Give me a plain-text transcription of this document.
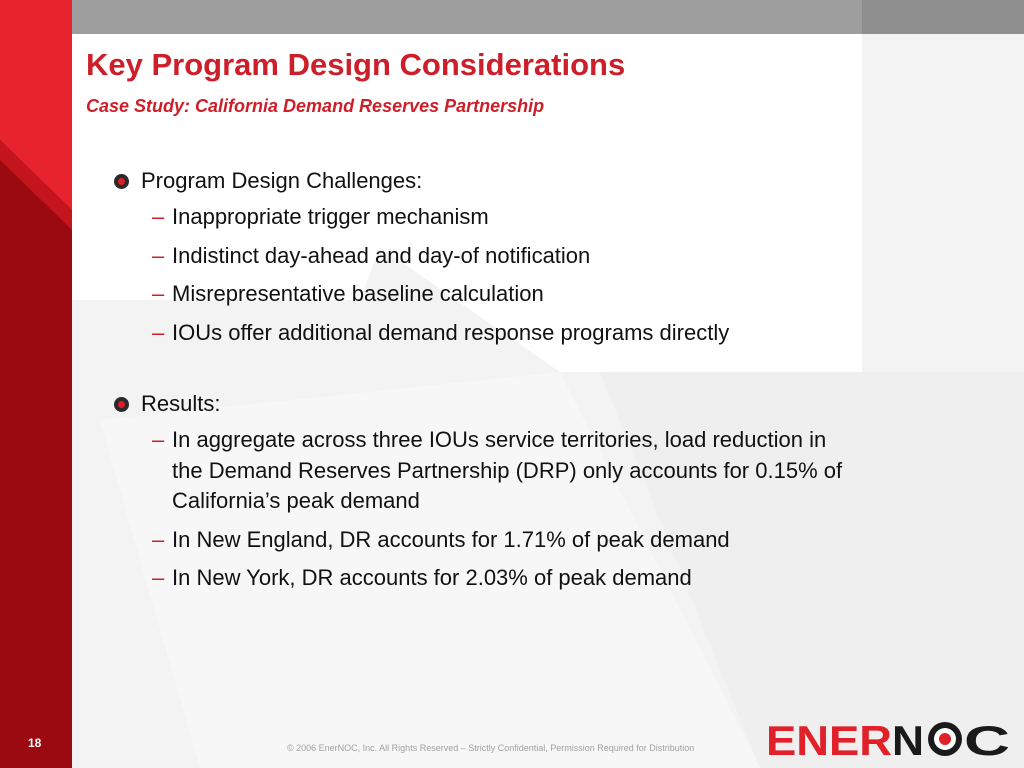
Key Program Design Considerations
Case Study: California Demand Reserves Partnership
Program Design Challenges:
– Inappropriate trigger mechanism
– Indistinct day-ahead and day-of notification
– Misrepresentative baseline calculation
– IOUs offer additional demand response programs directly
Results:
– In aggregate across three IOUs service territories, load reduction in the Demand Reserves Partnership (DRP) only accounts for 0.15% of California’s peak demand
– In New England, DR accounts for 1.71% of peak demand
– In New York, DR accounts for 2.03% of peak demand

18	© 2006 EnerNOC, Inc. All Rights Reserved – Strictly Confidential, Permission Required for Distribution ENER N C
